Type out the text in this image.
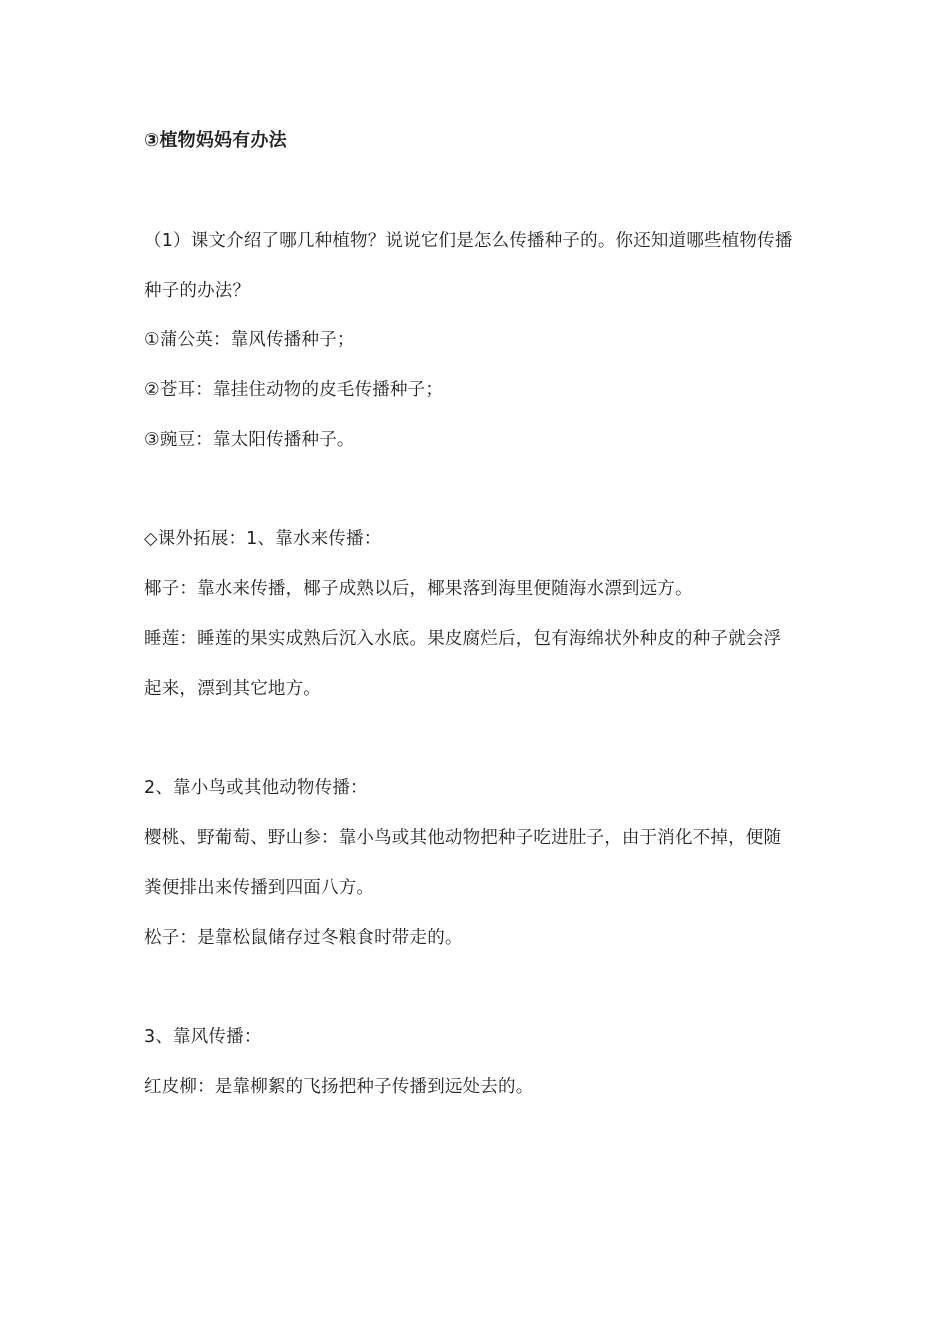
③植物妈妈有办法
（1）课文介绍了哪几种植物？说说它们是怎么传播种子的。你还知道哪些植物传播
种子的办法？
①蒲公英：靠风传播种子；
②苍耳：靠挂住动物的皮毛传播种子；
③豌豆：靠太阳传播种子。
◇课外拓展：1、靠水来传播：
椰子：靠水来传播，椰子成熟以后，椰果落到海里便随海水漂到远方。
睡莲：睡莲的果实成熟后沉入水底。果皮腐烂后，包有海绵状外种皮的种子就会浮
起来，漂到其它地方。
2、靠小鸟或其他动物传播：
樱桃、野葡萄、野山参：靠小鸟或其他动物把种子吃进肚子，由于消化不掉，便随
粪便排出来传播到四面八方。
松子：是靠松鼠储存过冬粮食时带走的。
3、靠风传播：
红皮柳：是靠柳絮的飞扬把种子传播到远处去的。
